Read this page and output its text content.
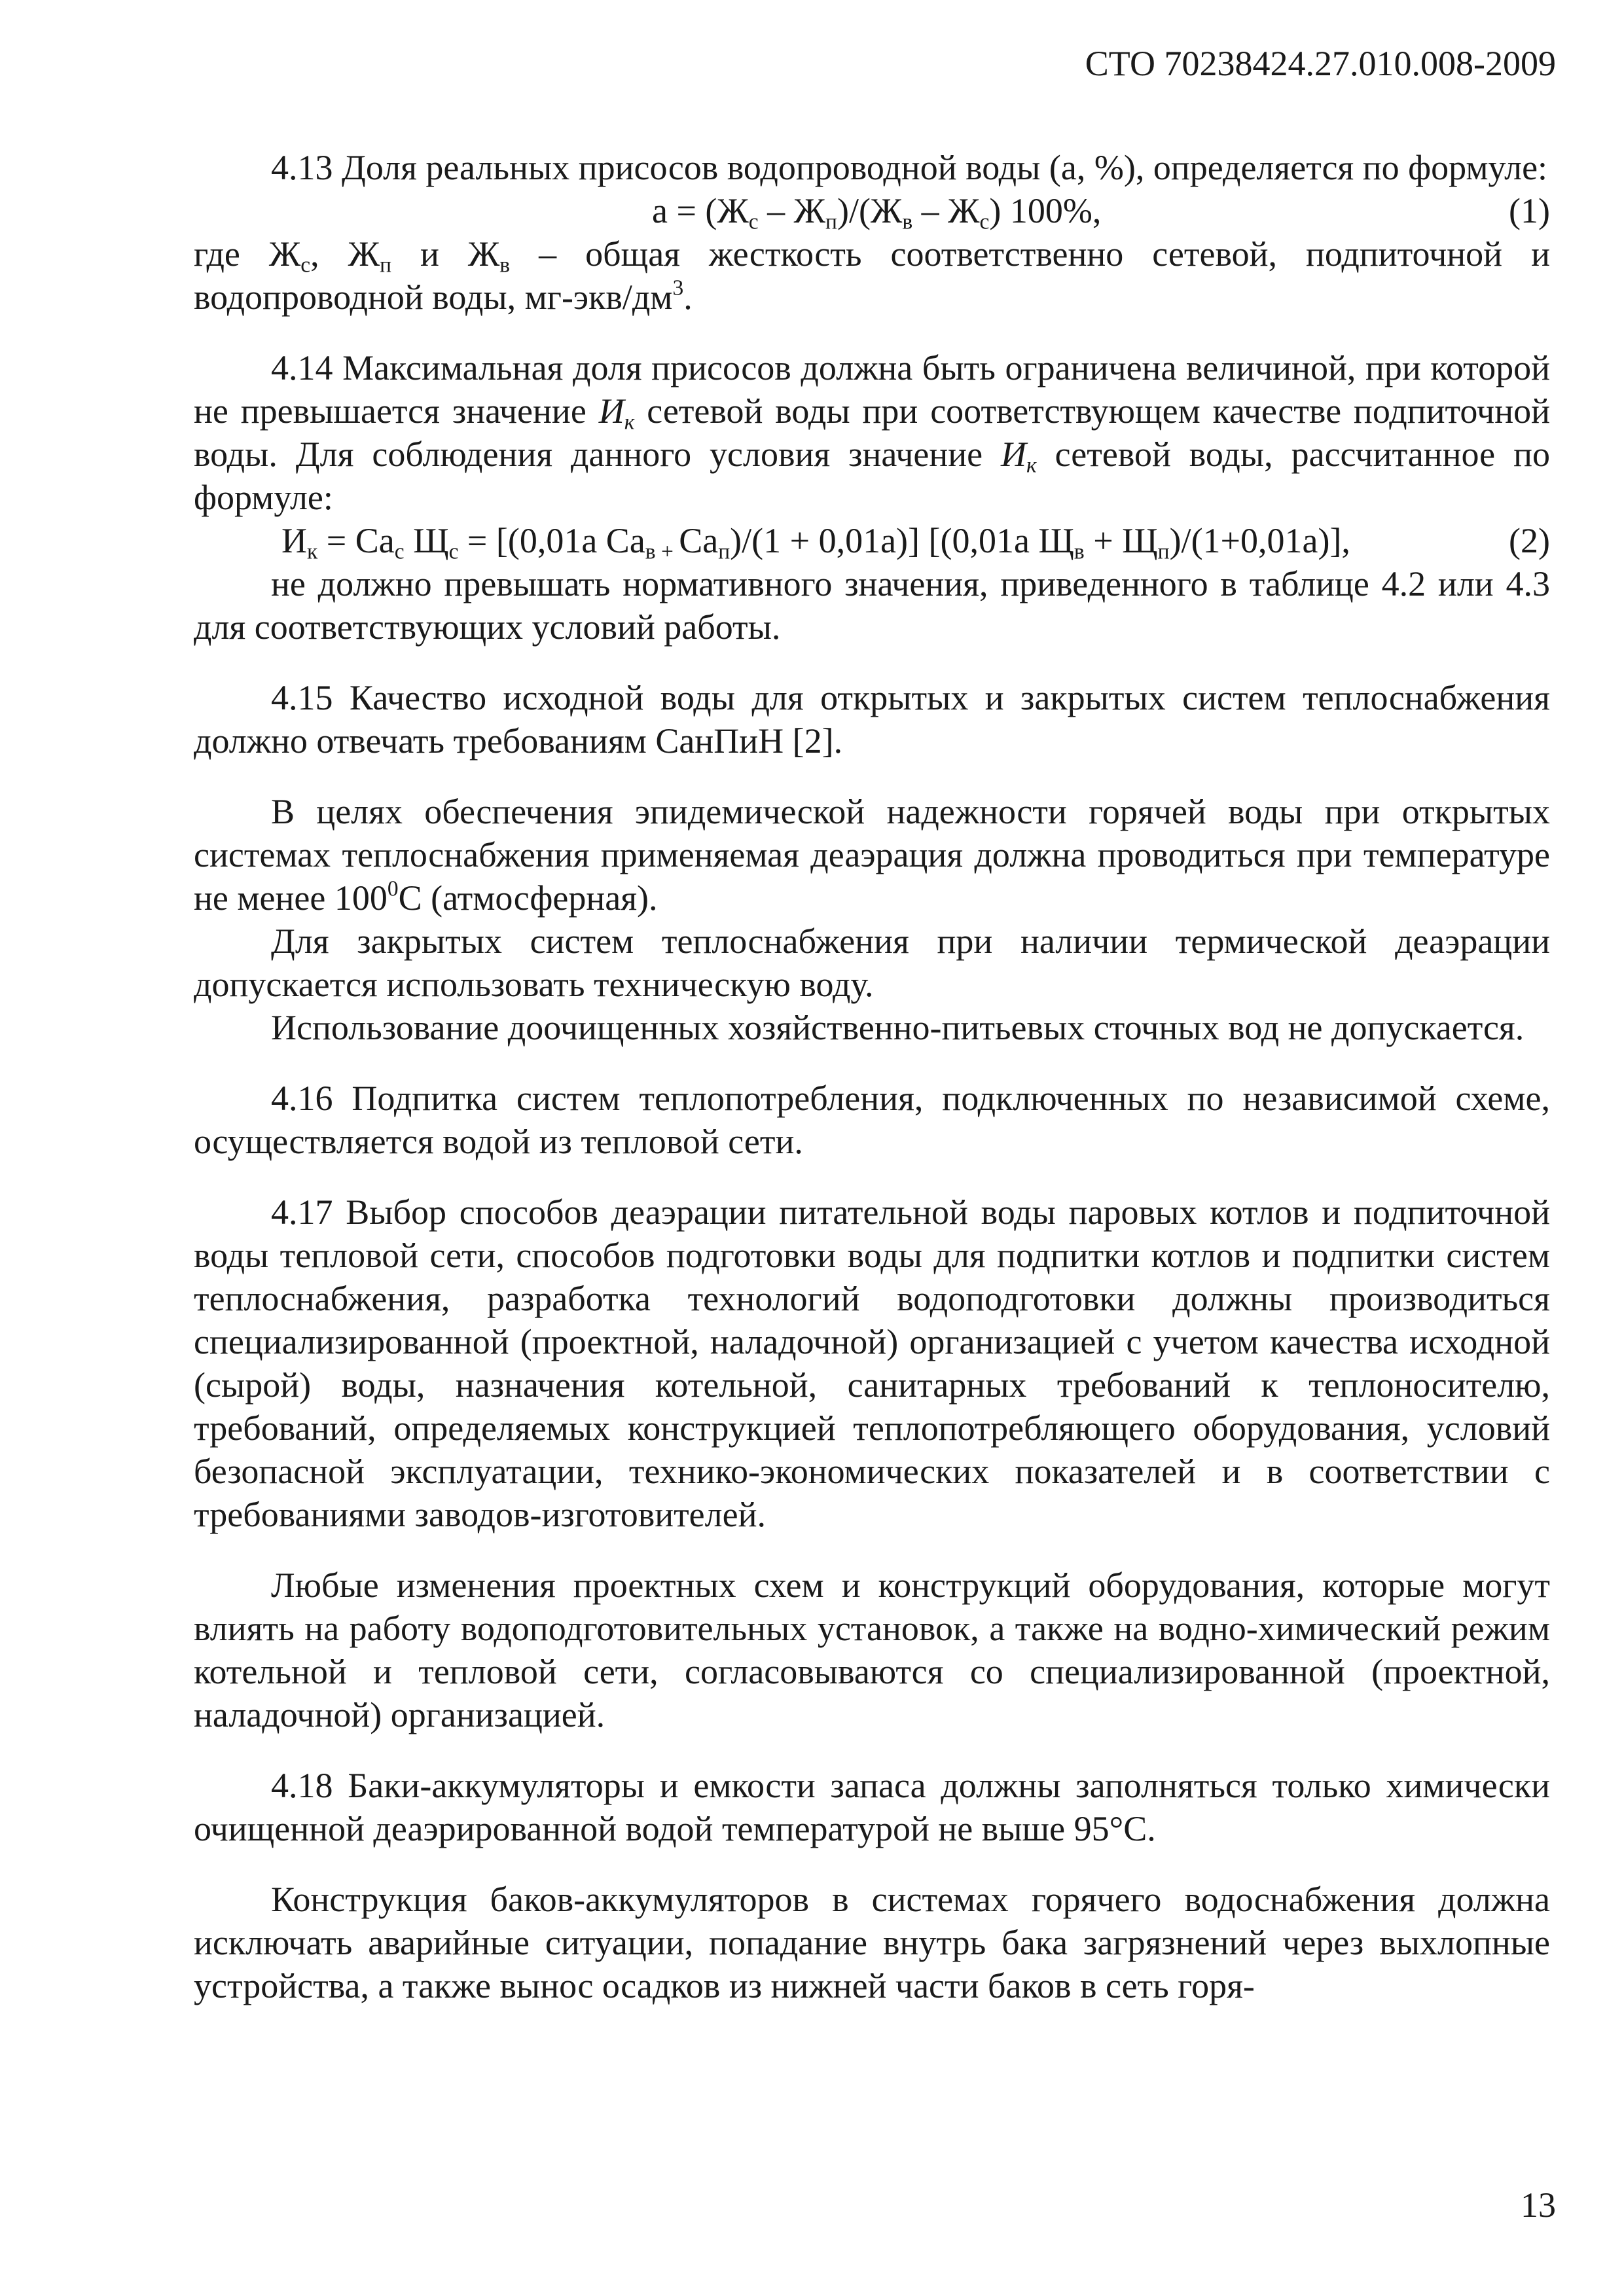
СТО 70238424.27.010.008-2009

4.13 Доля реальных присосов водопроводной воды (а, %), определяется по формуле:

$а = (Ж_с - Ж_п)/(Ж_в - Ж_с)$ 100%,	(1)

где $Ж_с$, $Ж_п$ и $Ж_в$ – общая жесткость соответственно сетевой, подпиточной и водопроводной воды, $мг-экв/дм^3$.

4.14 Максимальная доля присосов должна быть ограничена величиной, при которой не превышается значение $И_к$ сетевой воды при соответствующем качестве подпиточной воды. Для соблюдения данного условия значение $И_к$ сетевой воды, рассчитанное по формуле:

$И_к = Са_с$ $Щ_с = [(0,01а$ $Са_{в +}$ $Са_п)/(1 + 0,01а)$] [(0,01а $Щ_в + Щ_п)/(1+0,01а)$],	(2)

не должно превышать нормативного значения, приведенного в таблице 4.2 или 4.3 для соответствующих условий работы.

4.15 Качество исходной воды для открытых и закрытых систем теплоснабжения должно отвечать требованиям СанПиН [2].

В целях обеспечения эпидемической надежности горячей воды при открытых системах теплоснабжения применяемая деаэрация должна проводиться при температуре не менее $100^0С$ (атмосферная).

Для закрытых систем теплоснабжения при наличии термической деаэрации допускается использовать техническую воду.

Использование доочищенных хозяйственно-питьевых сточных вод не допускается.

4.16 Подпитка систем теплопотребления, подключенных по независимой схеме, осуществляется водой из тепловой сети.

4.17 Выбор способов деаэрации питательной воды паровых котлов и подпиточной воды тепловой сети, способов подготовки воды для подпитки котлов и подпитки систем теплоснабжения, разработка технологий водоподготовки должны производиться специализированной (проектной, наладочной) организацией с учетом качества исходной (сырой) воды, назначения котельной, санитарных требований к теплоносителю, требований, определяемых конструкцией теплопотребляющего оборудования, условий безопасной эксплуатации, технико-экономических показателей и в соответствии с требованиями заводов-изготовителей.

Любые изменения проектных схем и конструкций оборудования, которые могут влиять на работу водоподготовительных установок, а также на водно-химический режим котельной и тепловой сети, согласовываются со специализированной (проектной, наладочной) организацией.

4.18 Баки-аккумуляторы и емкости запаса должны заполняться только химически очищенной деаэрированной водой температурой не выше 95°С.

Конструкция баков-аккумуляторов в системах горячего водоснабжения должна исключать аварийные ситуации, попадание внутрь бака загрязнений через выхлопные устройства, а также вынос осадков из нижней части баков в сеть горя-

13
